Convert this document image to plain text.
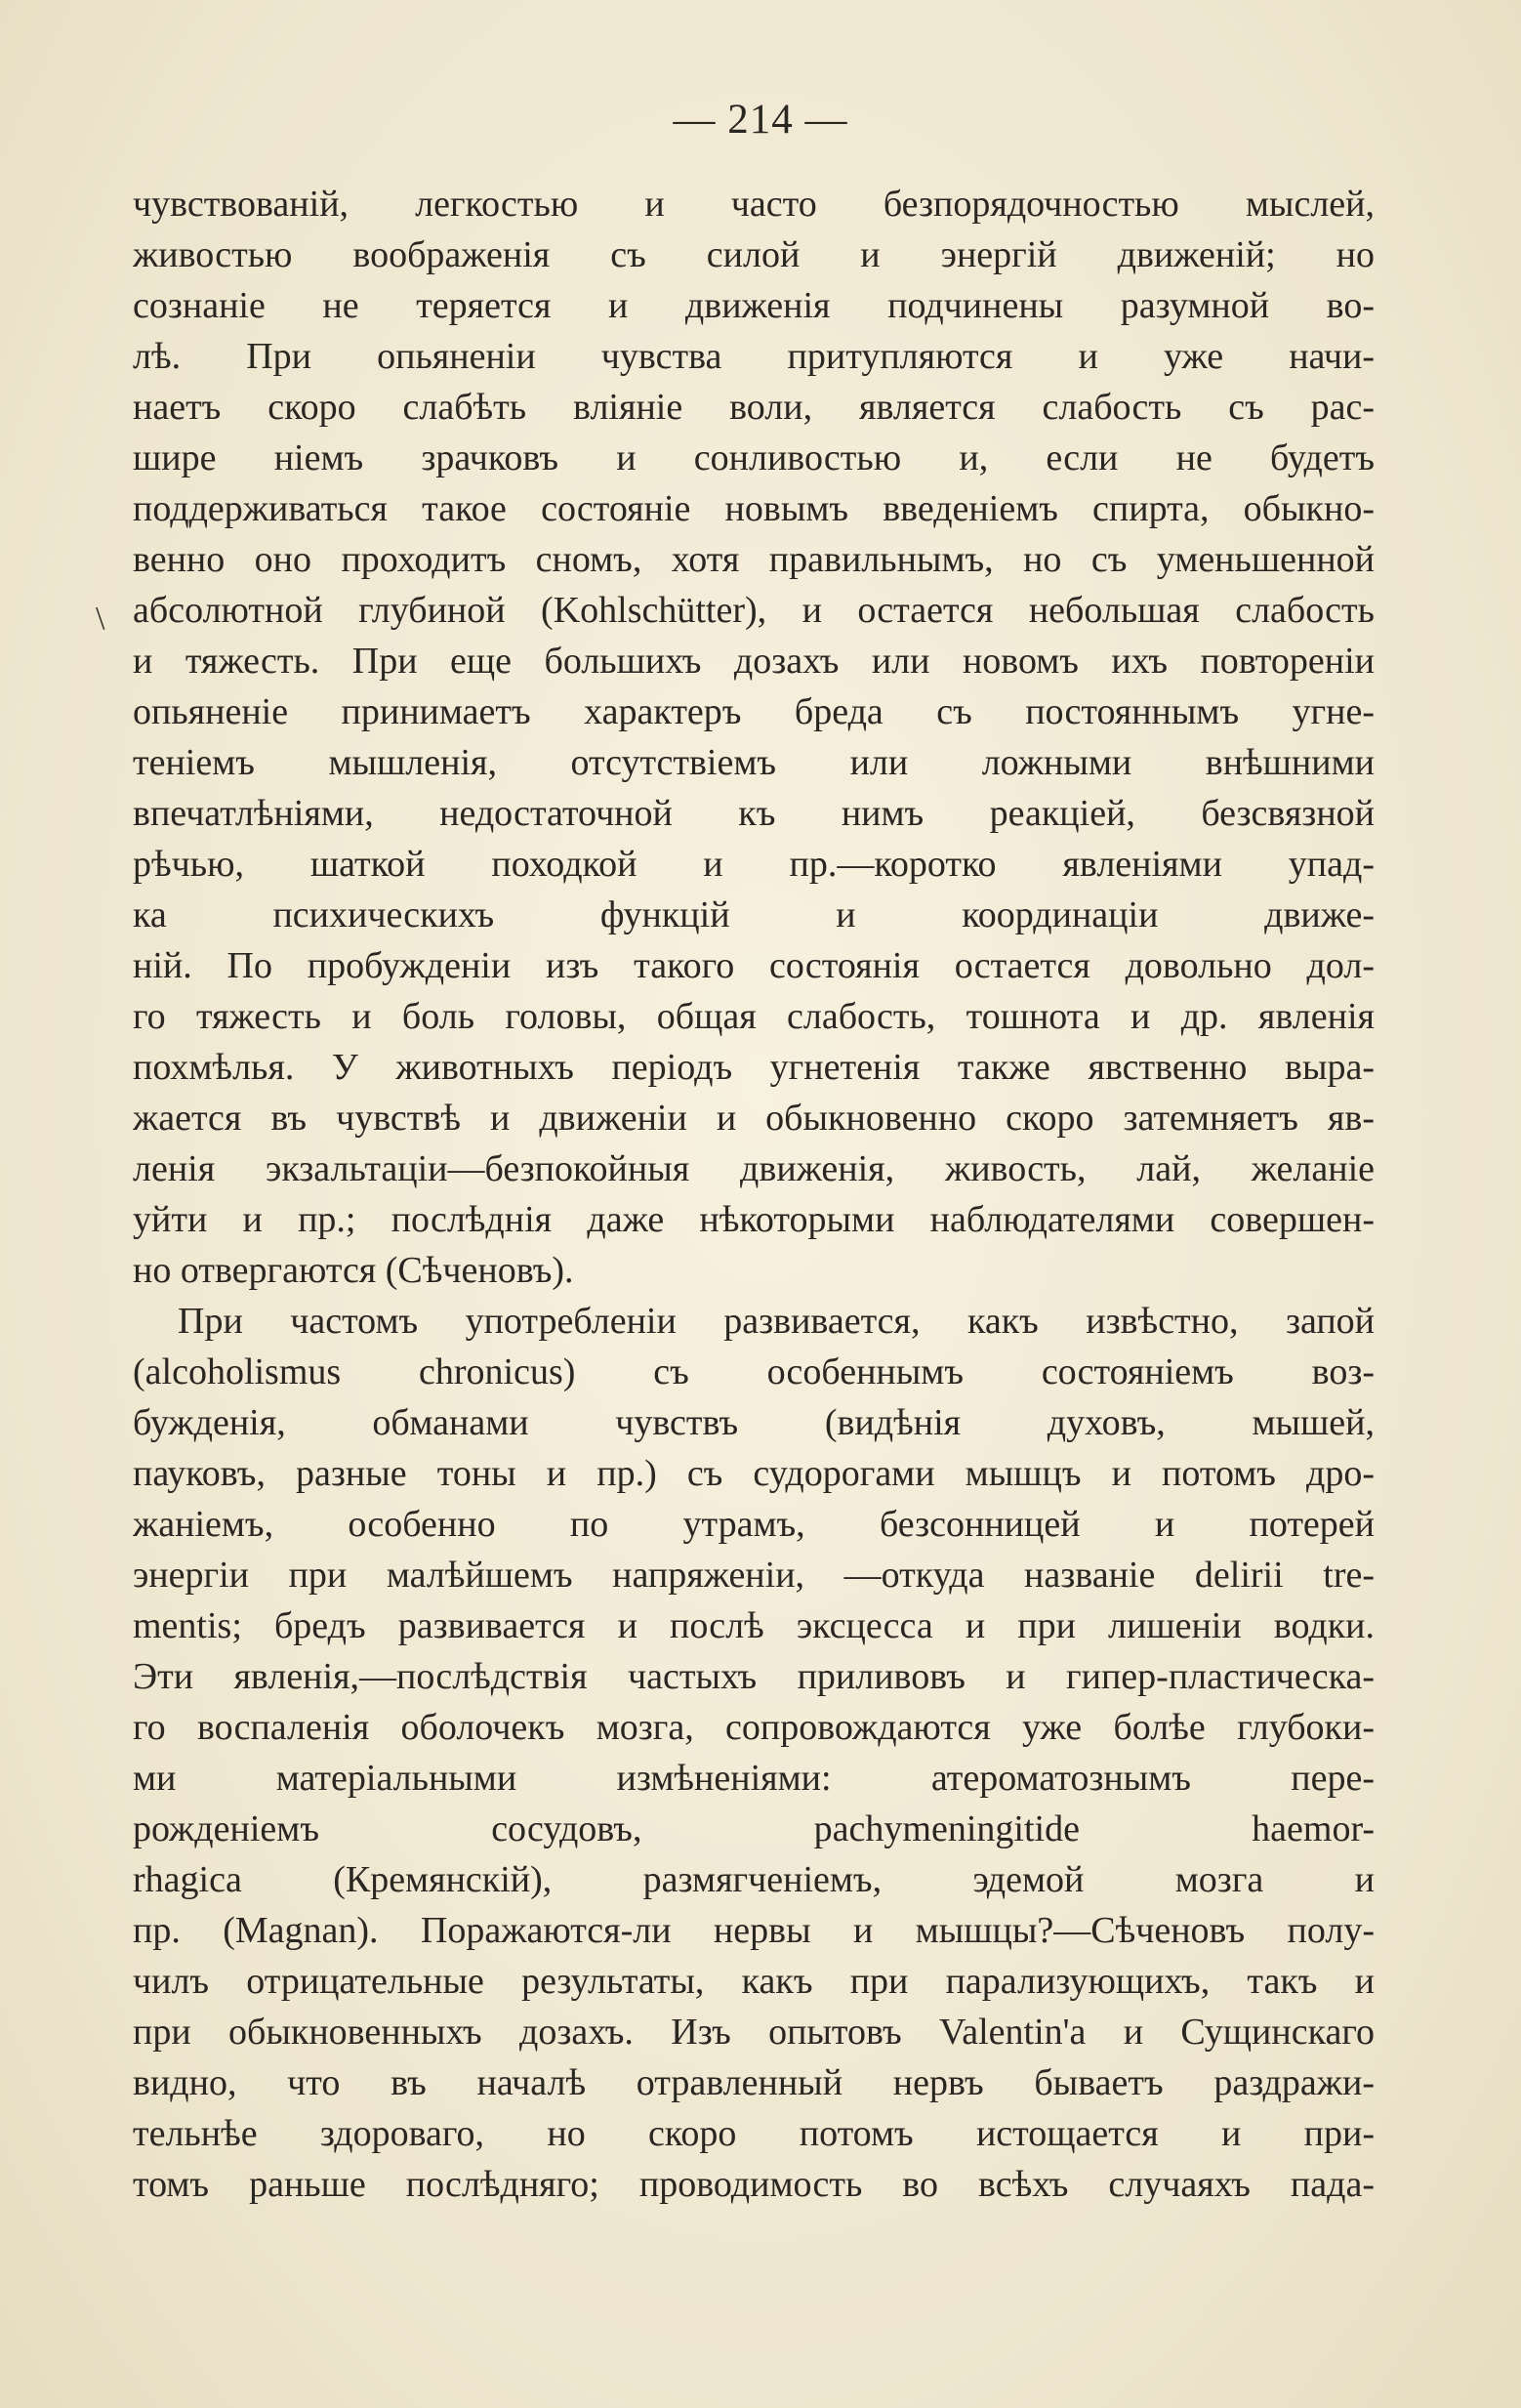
— 214 —
\
чувствованій, легкостью и часто безпорядочностью мыслей,
живостью воображенія съ силой и энергій движеній; но
сознаніе не теряется и движенія подчинены разумной во-
лѣ. При опьяненіи чувства притупляются и уже начи-
наетъ скоро слабѣть вліяніе воли, является слабость съ рас-
шире ніемъ зрачковъ и сонливостью и, если не будетъ
поддерживаться такое состояніе новымъ введеніемъ спирта, обыкно-
венно оно проходитъ сномъ, хотя правильнымъ, но съ уменьшенной
абсолютной глубиной (Kohlschütter), и остается небольшая слабость
и тяжесть. При еще большихъ дозахъ или новомъ ихъ повтореніи
опьяненіе принимаетъ характеръ бреда съ постояннымъ угне-
теніемъ мышленія, отсутствіемъ или ложными внѣшними
впечатлѣніями, недостаточной къ нимъ реакціей, безсвязной
рѣчью, шаткой походкой и пр.—коротко явленіями упад-
ка психическихъ функцій и координаціи движе-
ній. По пробужденіи изъ такого состоянія остается довольно дол-
го тяжесть и боль головы, общая слабость, тошнота и др. явленія
похмѣлья. У животныхъ періодъ угнетенія также явственно выра-
жается въ чувствѣ и движеніи и обыкновенно скоро затемняетъ яв-
ленія экзальтаціи—безпокойныя движенія, живость, лай, желаніе
уйти и пр.; послѣднія даже нѣкоторыми наблюдателями совершен-
но отвергаются (Сѣченовъ).
При частомъ употребленіи развивается, какъ извѣстно, запой
(alcoholismus chronicus) съ особеннымъ состояніемъ воз-
бужденія, обманами чувствъ (видѣнія духовъ, мышей,
пауковъ, разные тоны и пр.) съ судорогами мышцъ и потомъ дро-
жаніемъ, особенно по утрамъ, безсонницей и потерей
энергіи при малѣйшемъ напряженіи, —откуда названіе delirii tre-
mentis; бредъ развивается и послѣ эксцесса и при лишеніи водки.
Эти явленія,—послѣдствія частыхъ приливовъ и гипер-пластическа-
го воспаленія оболочекъ мозга, сопровождаются уже болѣе глубоки-
ми матеріальными измѣненіями: атероматознымъ пере-
рожденіемъ сосудовъ, pachymeningitide haemor-
rhagica (Кремянскій), размягченіемъ, эдемой мозга и
пр. (Magnan). Поражаются-ли нервы и мышцы?—Сѣченовъ полу-
чилъ отрицательные результаты, какъ при парализующихъ, такъ и
при обыкновенныхъ дозахъ. Изъ опытовъ Valentin'а и Сущинскаго
видно, что въ началѣ отравленный нервъ бываетъ раздражи-
тельнѣе здороваго, но скоро потомъ истощается и при-
томъ раньше послѣдняго; проводимость во всѣхъ случаяхъ пада-
